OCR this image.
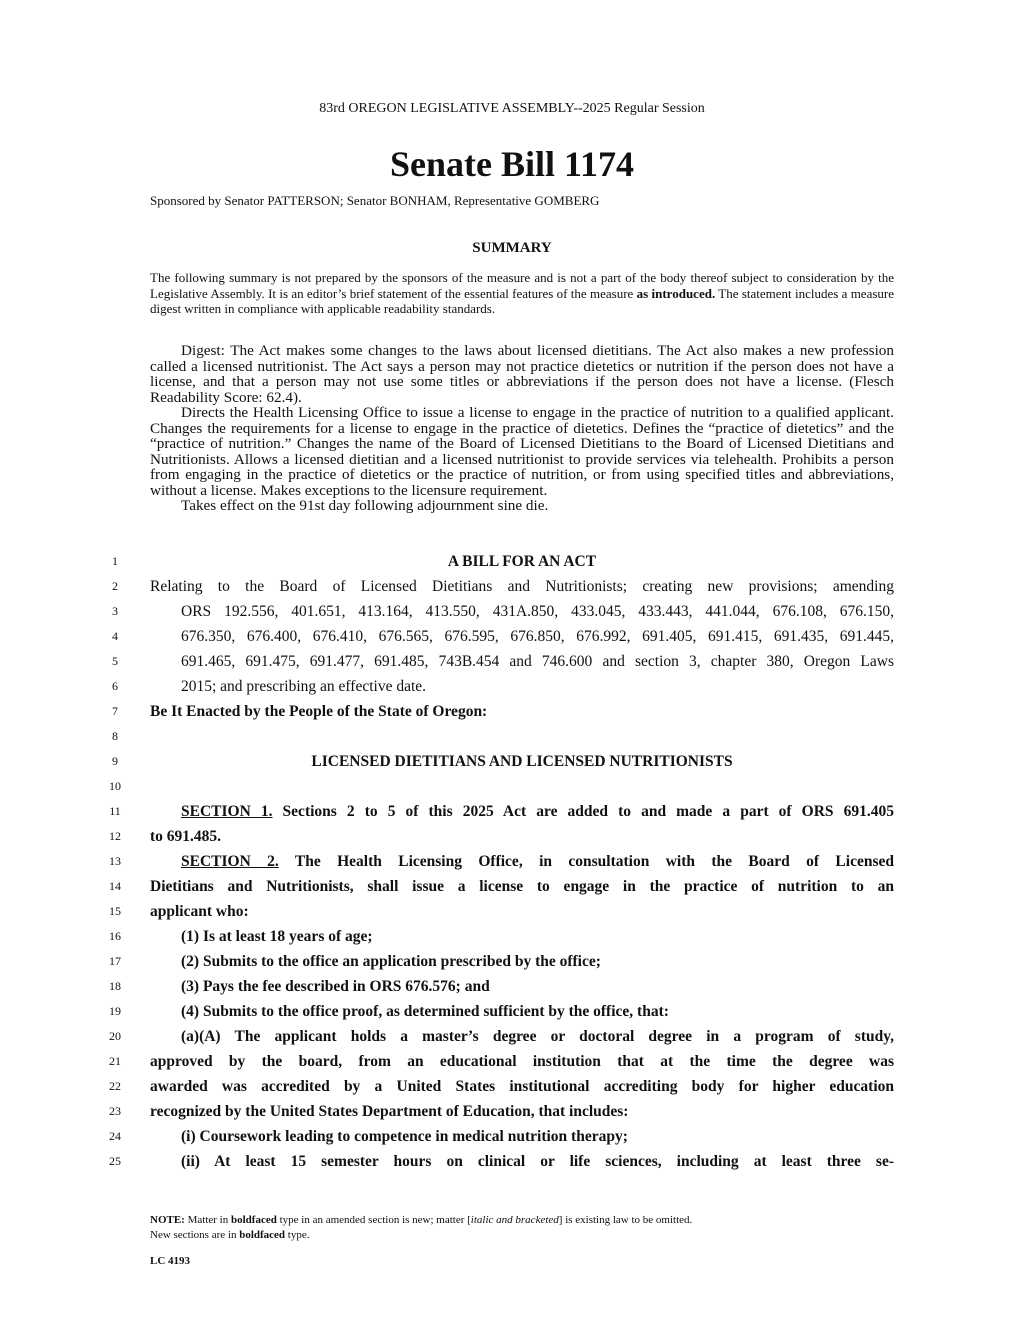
83rd OREGON LEGISLATIVE ASSEMBLY--2025 Regular Session
Senate Bill 1174
Sponsored by Senator PATTERSON; Senator BONHAM, Representative GOMBERG
SUMMARY
The following summary is not prepared by the sponsors of the measure and is not a part of the body thereof subject to consideration by the Legislative Assembly. It is an editor’s brief statement of the essential features of the measure as introduced. The statement includes a measure digest written in compliance with applicable readability standards.

Digest: The Act makes some changes to the laws about licensed dietitians. The Act also makes a new profession called a licensed nutritionist. The Act says a person may not practice dietetics or nutrition if the person does not have a license, and that a person may not use some titles or abbreviations if the person does not have a license. (Flesch Readability Score: 62.4).

Directs the Health Licensing Office to issue a license to engage in the practice of nutrition to a qualified applicant. Changes the requirements for a license to engage in the practice of dietetics. Defines the “practice of dietetics” and the “practice of nutrition.” Changes the name of the Board of Licensed Dietitians to the Board of Licensed Dietitians and Nutritionists. Allows a licensed dietitian and a licensed nutritionist to provide services via telehealth. Prohibits a person from engaging in the practice of dietetics or the practice of nutrition, or from using specified titles and abbreviations, without a license. Makes exceptions to the licensure requirement.

Takes effect on the 91st day following adjournment sine die.

1
2
3
4
5
6
7
8
9
10
11
12
13
14
15
16
17
18
19
20
21
22
23
24
25
A BILL FOR AN ACT
Relating to the Board of Licensed Dietitians and Nutritionists; creating new provisions; amending
ORS 192.556, 401.651, 413.164, 413.550, 431A.850, 433.045, 433.443, 441.044, 676.108, 676.150,
676.350, 676.400, 676.410, 676.565, 676.595, 676.850, 676.992, 691.405, 691.415, 691.435, 691.445,
691.465, 691.475, 691.477, 691.485, 743B.454 and 746.600 and section 3, chapter 380, Oregon Laws
2015; and prescribing an effective date.
Be It Enacted by the People of the State of Oregon:
LICENSED DIETITIANS AND LICENSED NUTRITIONISTS
SECTION 1. Sections 2 to 5 of this 2025 Act are added to and made a part of ORS 691.405
to 691.485.
SECTION 2. The Health Licensing Office, in consultation with the Board of Licensed
Dietitians and Nutritionists, shall issue a license to engage in the practice of nutrition to an
applicant who:
(1) Is at least 18 years of age;
(2) Submits to the office an application prescribed by the office;
(3) Pays the fee described in ORS 676.576; and
(4) Submits to the office proof, as determined sufficient by the office, that:
(a)(A) The applicant holds a master’s degree or doctoral degree in a program of study,
approved by the board, from an educational institution that at the time the degree was
awarded was accredited by a United States institutional accrediting body for higher education
recognized by the United States Department of Education, that includes:
(i) Coursework leading to competence in medical nutrition therapy;
(ii) At least 15 semester hours on clinical or life sciences, including at least three se-
NOTE: Matter in boldfaced type in an amended section is new; matter [italic and bracketed] is existing law to be omitted.
New sections are in boldfaced type.
LC 4193
